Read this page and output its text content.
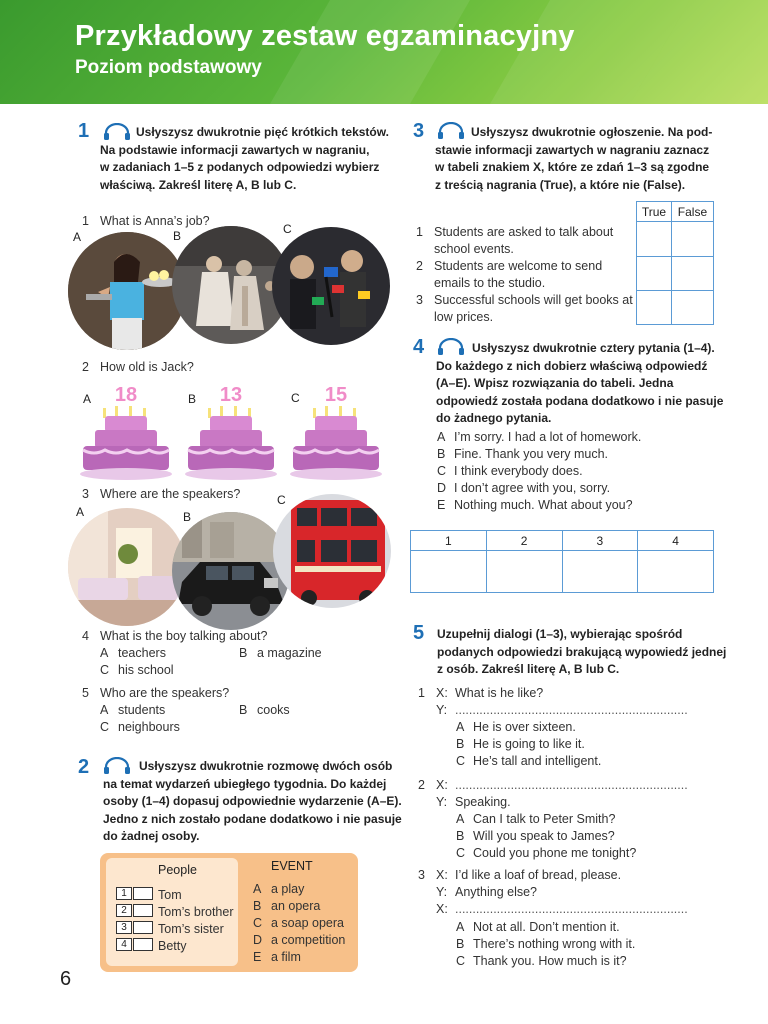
Przykładowy zestaw egzaminacyjny
Poziom podstawowy
1	Usłyszysz dwukrotnie pięć krótkich tekstów.
Na podstawie informacji zawartych w nagraniu,
w zadaniach 1–5 z podanych odpowiedzi wybierz
właściwą. Zakreśl literę A, B lub C.
1 What is Anna’s job?
A	B	C
2 How old is Jack?
A	B	C
18	13	15
3 Where are the speakers?
A	B
C
4 What is the boy talking about?
A teachers	B a magazine
C his school
5 Who are the speakers?
A students	B cooks
C neighbours
2	Usłyszysz dwukrotnie rozmowę dwóch osób
na temat wydarzeń ubiegłego tygodnia. Do każdej
osoby (1–4) dopasuj odpowiednie wydarzenie (A–E).
Jedno z nich zostało podane dodatkowo i nie pasuje
do żadnej osoby.
People	EVENT
1	Tom
2	Tom’s brother
3	Tom’s sister
4	Betty
A a play
B an opera
C a soap opera
D a competition
E a film
6
3	Usłyszysz dwukrotnie ogłoszenie. Na pod-
stawie informacji zawartych w nagraniu zaznacz
w tabeli znakiem X, które ze zdań 1–3 są zgodne
z treścią nagrania (True), a które nie (False).
True	False

1 Students are asked to talk about
school events.
2 Students are welcome to send
emails to the studio.
3 Successful schools will get books at
low prices.
4	Usłyszysz dwukrotnie cztery pytania (1–4).
Do każdego z nich dobierz właściwą odpowiedź
(A–E). Wpisz rozwiązania do tabeli. Jedna
odpowiedź została podana dodatkowo i nie pasuje
do żadnego pytania.
A I’m sorry. I had a lot of homework.
B Fine. Thank you very much.
C I think everybody does.
D I don’t agree with you, sorry.
E Nothing much. What about you?
1	2	3	4

5 Uzupełnij dialogi (1–3), wybierając spośród
podanych odpowiedzi brakującą wypowiedź jednej
z osób. Zakreśl literę A, B lub C.
1 X: What is he like?
Y: ...................................................................
A He is over sixteen.
B He is going to like it.
C He’s tall and intelligent.
2 X: ...................................................................
Y: Speaking.
A Can I talk to Peter Smith?
B Will you speak to James?
C Could you phone me tonight?
3 X: I’d like a loaf of bread, please.
Y: Anything else?
X: ...................................................................
A Not at all. Don’t mention it.
B There’s nothing wrong with it.
C Thank you. How much is it?
